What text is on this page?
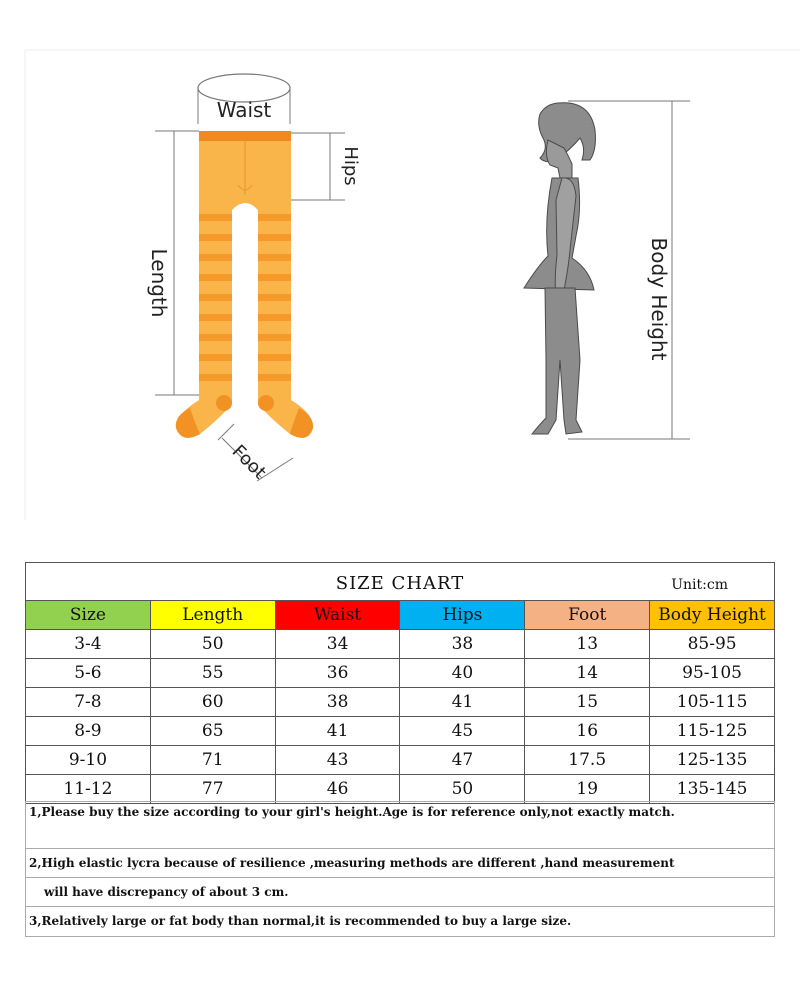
Waist
Hips
Length
Foot
Body Height
SIZE CHART	Unit:cm
Size	Length	Waist	Hips	Foot	Body Height
3-4	50	34	38	13	85-95
5-6	55	36	40	14	95-105
7-8	60	38	41	15	105-115
8-9	65	41	45	16	115-125
9-10	71	43	47	17.5	125-135
11-12	77	46	50	19	135-145
1,Please buy the size according to your girl's height.Age is for reference only,not exactly match.
2,High elastic lycra because of resilience ,measuring methods are different ,hand measurement
will have discrepancy of about 3 cm.
3,Relatively large or fat body than normal,it is recommended to buy a large size.
